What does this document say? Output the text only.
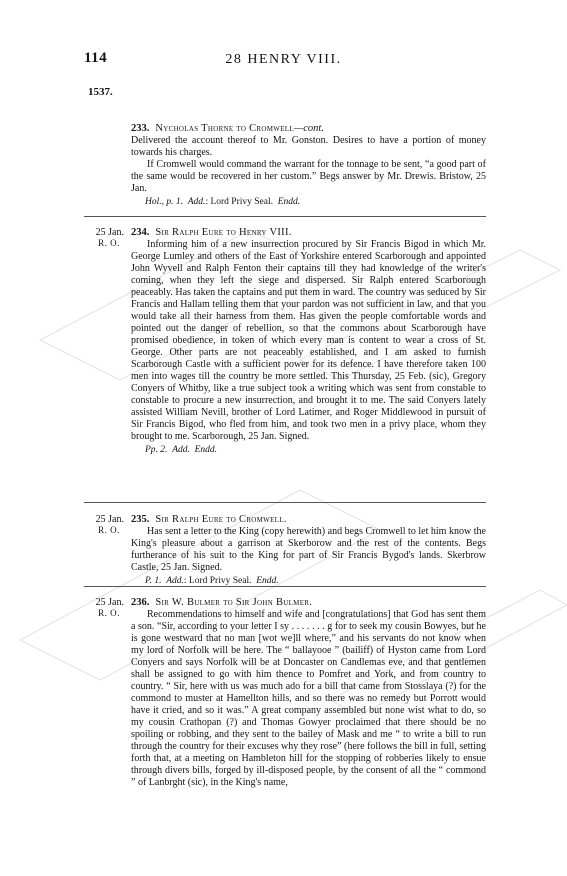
114	28 HENRY VIII.
1537.

233. Nycholas Thorne to Cromwell—cont.

Delivered the account thereof to Mr. Gonston. Desires to have a portion of money towards his charges.

If Cromwell would command the warrant for the tonnage to be sent, “a good part of the same would be recovered in her custom.” Begs answer by Mr. Drewis. Bristow, 25 Jan.

Hol., p. 1. Add.: Lord Privy Seal. Endd.

25 Jan.
R. O.

234. Sir Ralph Eure to Henry VIII.

Informing him of a new insurrection procured by Sir Francis Bigod in which Mr. George Lumley and others of the East of Yorkshire entered Scarborough and appointed John Wyvell and Ralph Fenton their captains till they had knowledge of the writer's coming, when they left the siege and dispersed. Sir Ralph entered Scarborough peaceably. Has taken the captains and put them in ward. The country was seduced by Sir Francis and Hallam telling them that your pardon was not sufficient in law, and that you would take all their harness from them. Has given the people comfortable words and pointed out the danger of rebellion, so that the commons about Scarborough have promised obedience, in token of which every man is content to wear a cross of St. George. Other parts are not peaceably established, and I am asked to furnish Scarborough Castle with a sufficient power for its defence. I have therefore taken 100 men into wages till the country be more settled. This Thursday, 25 Feb. (sic), Gregory Conyers of Whitby, like a true subject took a writing which was sent from constable to constable to procure a new insurrection, and brought it to me. The said Conyers lately assisted William Nevill, brother of Lord Latimer, and Roger Middlewood in pursuit of Sir Francis Bigod, who fled from him, and took two men in a privy place, whom they brought to me. Scarborough, 25 Jan. Signed.

Pp. 2. Add. Endd.

25 Jan.
R. O.

235. Sir Ralph Eure to Cromwell.

Has sent a letter to the King (copy herewith) and begs Cromwell to let him know the King's pleasure about a garrison at Skerborow and the rest of the contents. Begs furtherance of his suit to the King for part of Sir Francis Bygod's lands. Skerbrow Castle, 25 Jan. Signed.

P. 1. Add.: Lord Privy Seal. Endd.

25 Jan.
R. O.

236. Sir W. Bulmer to Sir John Bulmer.

Recommendations to himself and wife and [congratulations] that God has sent them a son. “Sir, according to your letter I sy . . . . . . . g for to seek my cousin Bowyes, but he is gone westward that no man [wot we]ll where,” and his servants do not know when my lord of Norfolk will be here. The “ ballayooe ” (bailiff) of Hyston came from Lord Conyers and says Norfolk will be at Doncaster on Candlemas eve, and that gentlemen shall be assigned to go with him thence to Pomfret and York, and from country to country. “ Sir, here with us was much ado for a bill that came from Stosslaya (?) for the commond to muster at Hamellton hills, and so there was no remedy but Porrott would have it cried, and so it was.” A great company assembled but none wist what to do, so my cousin Crathopan (?) and Thomas Gowyer proclaimed that there should be no spoiling or robbing, and they sent to the bailey of Mask and me “ to write a bill to run through the country for their excuses why they rose” (here follows the bill in full, setting forth that, at a meeting on Hambleton hill for the stopping of robberies likely to ensue through divers bills, forged by ill-disposed people, by the consent of all the “ commond ” of Lanbrght (sic), in the King's name,
